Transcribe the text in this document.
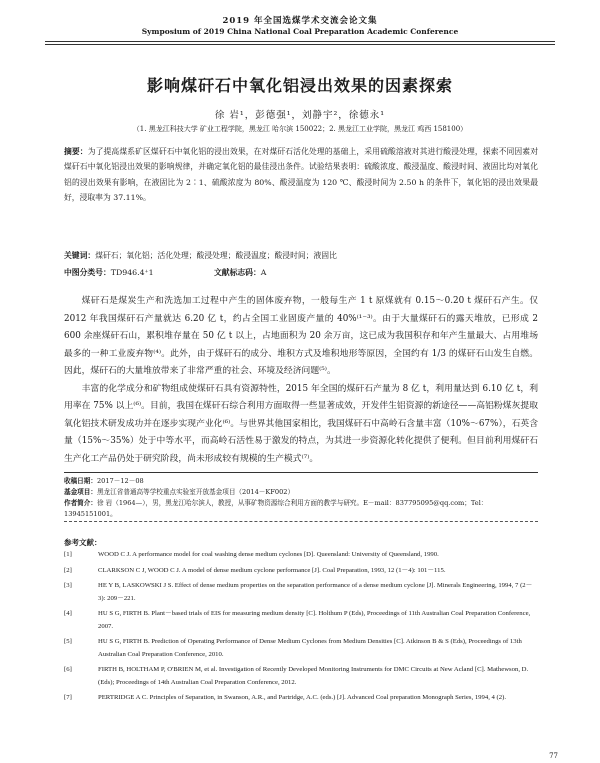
2019 年全国选煤学术交流会论文集
Symposium of 2019 China National Coal Preparation Academic Conference
影响煤矸石中氧化铝浸出效果的因素探索
徐 岩¹，彭德强¹，刘静宇²，徐德永¹
（1. 黑龙江科技大学 矿业工程学院，黑龙江 哈尔滨 150022；2. 黑龙江工业学院，黑龙江 鸡西 158100）
摘要：为了提高煤系矿区煤矸石中氧化铝的浸出效果，在对煤矸石活化处理的基础上，采用硫酸溶液对其进行酸浸处理，探索不同因素对煤矸石中氧化铝浸出效果的影响规律，并确定氧化铝的最佳浸出条件。试验结果表明：硫酸浓度、酸浸温度、酸浸时间、液固比均对氧化铝的浸出效果有影响，在液固比为 2∶1、硫酸浓度为 80%、酸浸温度为 120 ℃、酸浸时间为 2.50 h 的条件下，氧化铝的浸出效果最好，浸取率为 37.11%。
关键词：煤矸石；氧化铝；活化处理；酸浸处理；酸浸温度；酸浸时间；液固比
中图分类号：TD946.4⁺1	文献标志码：A

煤矸石是煤炭生产和洗选加工过程中产生的固体废弃物，一般每生产 1 t 原煤就有 0.15～0.20 t 煤矸石产生。仅 2012 年我国煤矸石产量就达 6.20 亿 t，约占全国工业固废产量的 40%⁽¹⁻³⁾。由于大量煤矸石的露天堆放，已形成 2 600 余座煤矸石山，累积堆存量在 50 亿 t 以上，占地面积为 20 余万亩，这已成为我国积存和年产生量最大、占用堆场最多的一种工业废弃物⁽⁴⁾。此外，由于煤矸石的成分、堆积方式及堆积地形等原因，全国约有 1/3 的煤矸石山发生自燃。因此，煤矸石的大量堆放带来了非常严重的社会、环境及经济问题⁽⁵⁾。

丰富的化学成分和矿物组成使煤矸石具有资源特性，2015 年全国的煤矸石产量为 8 亿 t，利用量达到 6.10 亿 t，利用率在 75% 以上⁽⁶⁾。目前，我国在煤矸石综合利用方面取得一些显著成效，开发伴生铝资源的新途径——高铝粉煤灰提取氧化铝技术研发成功并在逐步实现产业化⁽⁶⁾。与世界其他国家相比，我国煤矸石中高岭石含量丰富（10%～67%），石英含量（15%～35%）处于中等水平，而高岭石活性易于激发的特点，为其进一步资源化转化提供了便利。但目前利用煤矸石生产化工产品仍处于研究阶段，尚未形成较有规模的生产模式⁽⁷⁾。

收稿日期：2017－12－08
基金项目：黑龙江省普通高等学校重点实验室开放基金项目（2014－KF002）
作者简介：徐 岩（1964—），男，黑龙江哈尔滨人，教授，从事矿物资源综合利用方面的教学与研究。E－mail：837795095@qq.com；Tel：13945151001。
参考文献：
[1]	WOOD C J. A performance model for coal washing dense medium cyclones [D]. Queensland: University of Queensland, 1990.
[2]	CLARKSON C J, WOOD C J. A model of dense medium cyclone performance [J]. Coal Preparation, 1993, 12 (1－4): 101－115.
[3]	HE Y B, LASKOWSKI J S. Effect of dense medium properties on the separation performance of a dense medium cyclone [J]. Minerals Engineering, 1994, 7 (2－3): 209－221.
[4]	HU S G, FIRTH B. Plant－based trials of EIS for measuring medium density [C]. Holthum P (Eds), Proceedings of 11th Australian Coal Preparation Conference, 2007.
[5]	HU S G, FIRTH B. Prediction of Operating Performance of Dense Medium Cyclones from Medium Densities [C]. Atkinson B & S (Eds), Proceedings of 13th Australian Coal Preparation Conference, 2010.
[6]	FIRTH B, HOLTHAM P, O'BRIEN M, et al. Investigation of Recently Developed Monitoring Instruments for DMC Circuits at New Acland [C]. Mathewson, D. (Eds); Proceedings of 14th Australian Coal Preparation Conference, 2012.
[7]	PERTRIDGE A C. Principles of Separation, in Swanson, A.R., and Partridge, A.C. (eds.) [J]. Advanced Coal preparation Monograph Series, 1994, 4 (2).
77
